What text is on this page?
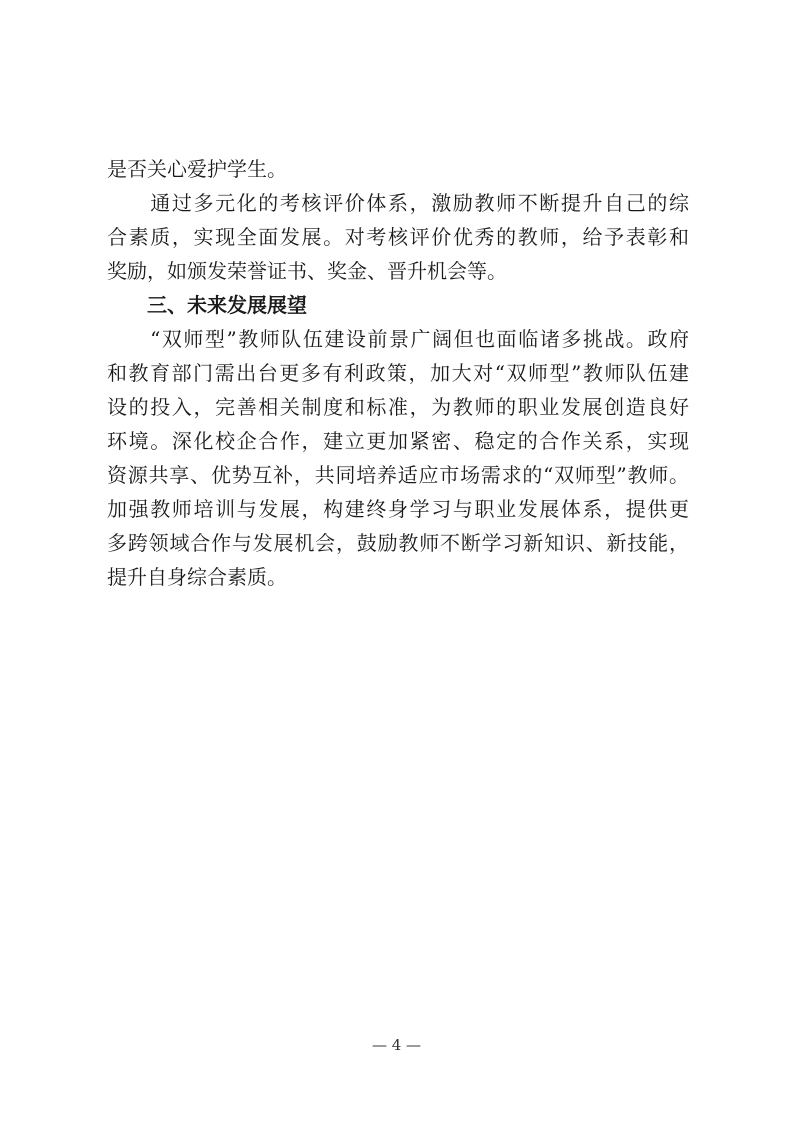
是否关心爱护学生。
　　通过多元化的考核评价体系，激励教师不断提升自己的综
合素质，实现全面发展。对考核评价优秀的教师，给予表彰和
奖励，如颁发荣誉证书、奖金、晋升机会等。
三、未来发展展望
　　“双师型”教师队伍建设前景广阔但也面临诸多挑战。政府
和教育部门需出台更多有利政策，加大对“双师型”教师队伍建
设的投入，完善相关制度和标准，为教师的职业发展创造良好
环境。深化校企合作，建立更加紧密、稳定的合作关系，实现
资源共享、优势互补，共同培养适应市场需求的“双师型”教师。
加强教师培训与发展，构建终身学习与职业发展体系，提供更
多跨领域合作与发展机会，鼓励教师不断学习新知识、新技能，
提升自身综合素质。
— 4 —
